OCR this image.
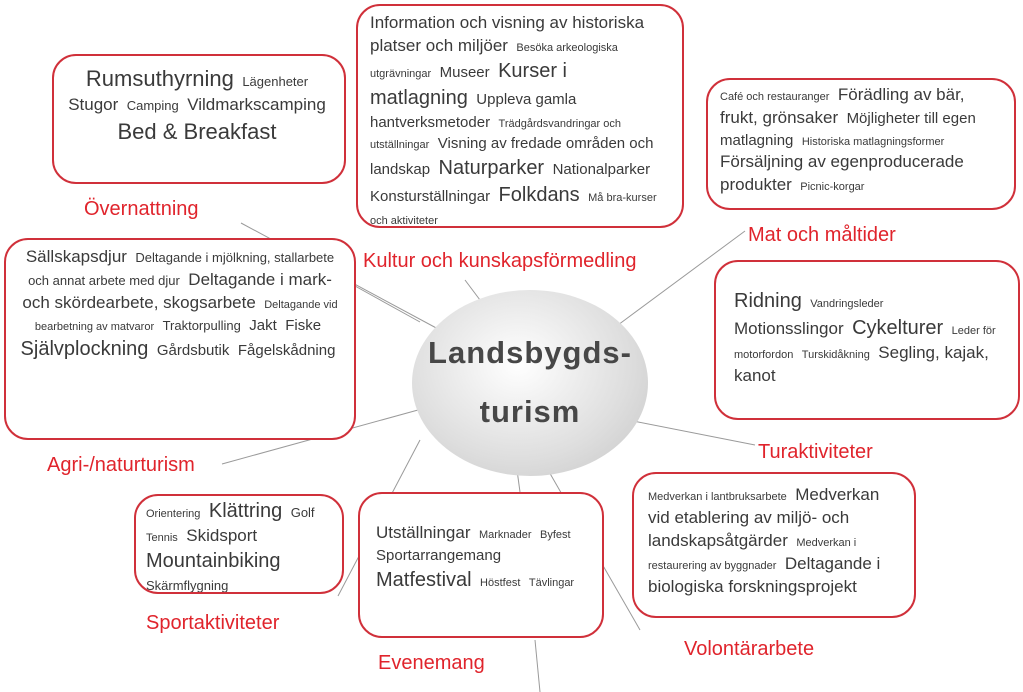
Landsbygds-
turism
Rumsuthyrning Lägenheter Stugor Camping Vildmarkscamping Bed & Breakfast
Övernattning
Information och visning av historiska platser och miljöer Besöka arkeologiska utgrävningar Museer Kurser i matlagning Uppleva gamla hantverksmetoder Trädgårdsvandringar och utställningar Visning av fredade områden och landskap Naturparker Nationalparker Konsturställningar Folkdans Må bra-kurser och aktiviteter
Kultur och kunskapsförmedling
Café och restauranger Förädling av bär, frukt, grönsaker Möjligheter till egen matlagning Historiska matlagningsformer Försäljning av egenproducerade produkter Picnic-korgar
Mat och måltider
Sällskapsdjur Deltagande i mjölkning, stallarbete och annat arbete med djur Deltagande i mark- och skördearbete, skogsarbete Deltagande vid bearbetning av matvaror Traktorpulling Jakt Fiske Självplockning Gårdsbutik Fågelskådning
Agri-/naturturism
Ridning Vandringsleder Motionsslingor Cykelturer Leder för motorfordon Turskidåkning Segling, kajak, kanot
Turaktiviteter
Orientering Klättring Golf Tennis Skidsport Mountainbiking Skärmflygning
Sportaktiviteter
Utställningar Marknader Byfest Sportarrangemang Matfestival Höstfest Tävlingar
Evenemang
Medverkan i lantbruksarbete Medverkan vid etablering av miljö- och landskapsåtgärder Medverkan i restaurering av byggnader Deltagande i biologiska forskningsprojekt
Volontärarbete
